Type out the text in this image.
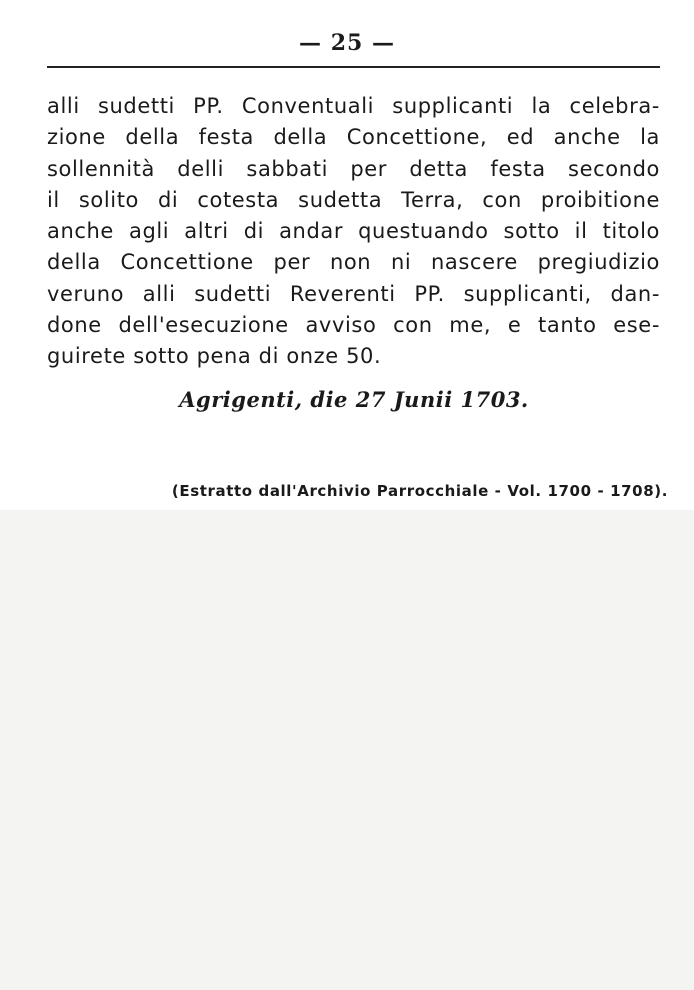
— 25 —
alli sudetti PP. Conventuali supplicanti la celebra-
zione della festa della Concettione, ed anche la
sollennità delli sabbati per detta festa secondo
il solito di cotesta sudetta Terra, con proibitione
anche agli altri di andar questuando sotto il titolo
della Concettione per non ni nascere pregiudizio
veruno alli sudetti Reverenti PP. supplicanti, dan-
done dell'esecuzione avviso con me, e tanto ese-
guirete sotto pena di onze 50.
Agrigenti, die 27 Junii 1703.
(Estratto dall'Archivio Parrocchiale - Vol. 1700 - 1708).
